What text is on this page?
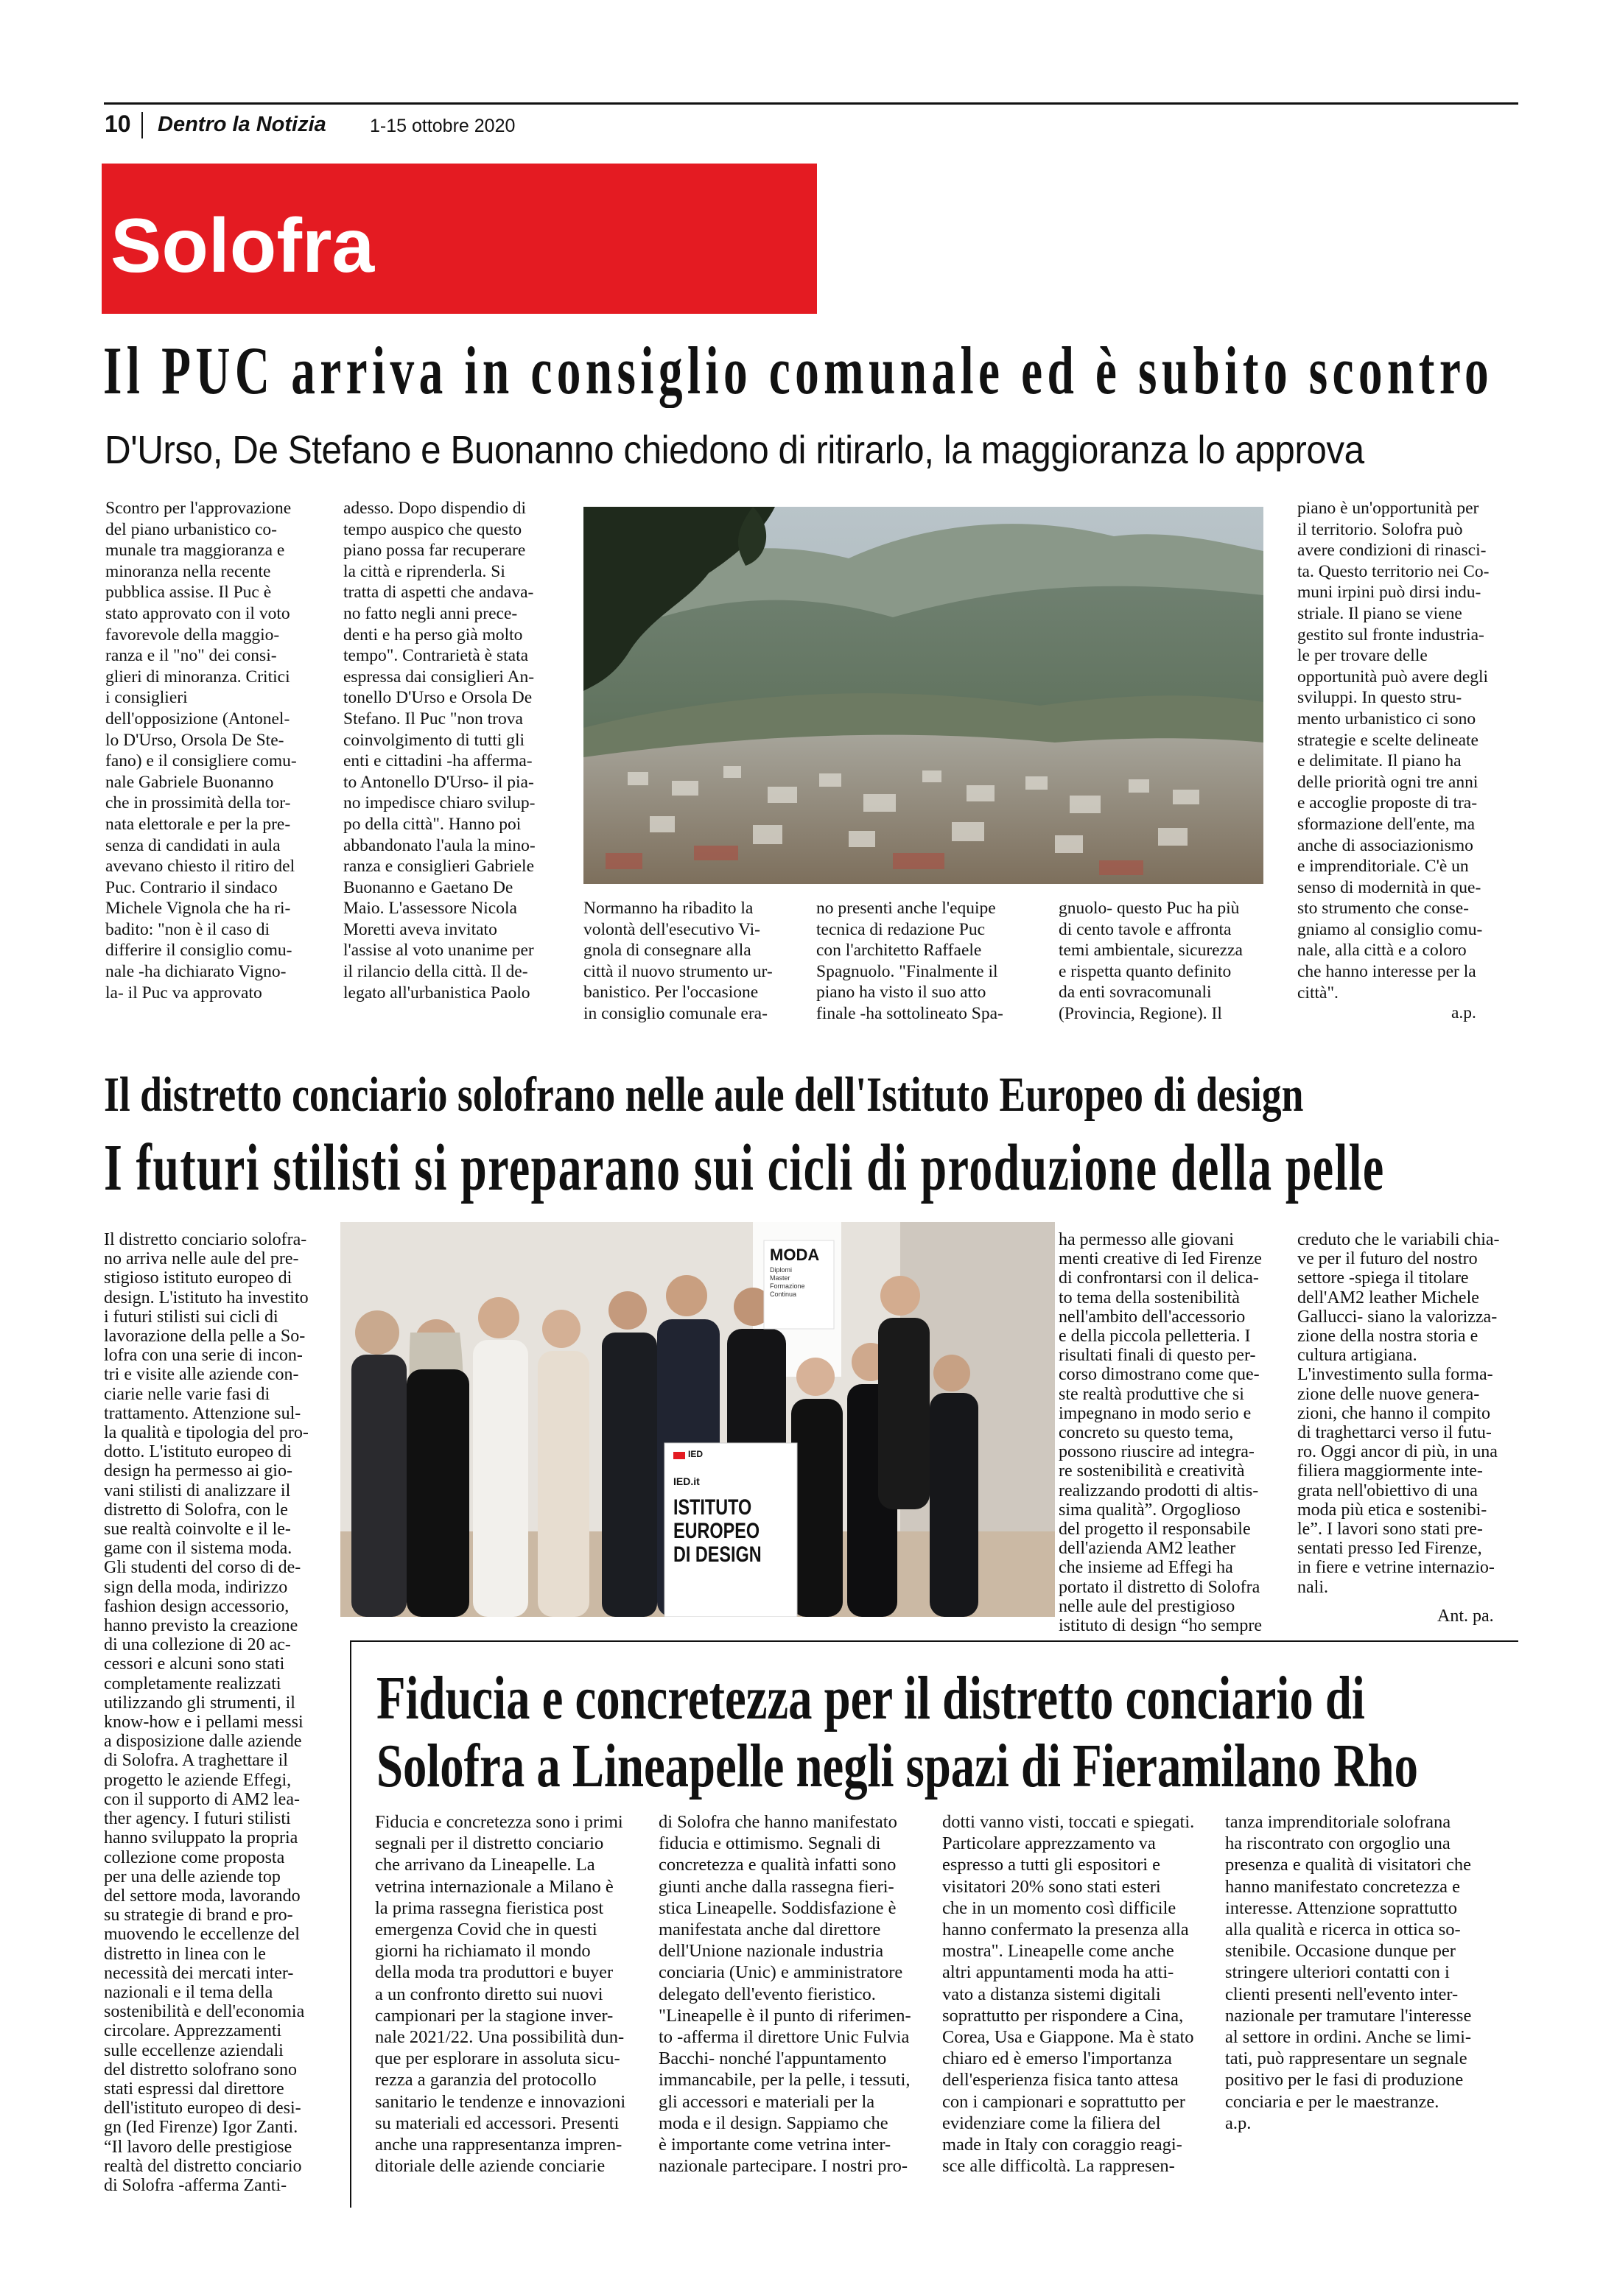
10 Dentro la Notizia 1-15 ottobre 2020
Solofra
Il PUC arriva in consiglio comunale ed è subito scontro
D'Urso, De Stefano e Buonanno chiedono di ritirarlo, la maggioranza lo approva

Scontro per l'approvazione
del piano urbanistico co-
munale tra maggioranza e
minoranza nella recente
pubblica assise. Il Puc è
stato approvato con il voto
favorevole della maggio-
ranza e il "no" dei consi-
glieri di minoranza. Critici
i consiglieri
dell'opposizione (Antonel-
lo D'Urso, Orsola De Ste-
fano) e il consigliere comu-
nale Gabriele Buonanno
che in prossimità della tor-
nata elettorale e per la pre-
senza di candidati in aula
avevano chiesto il ritiro del
Puc. Contrario il sindaco
Michele Vignola che ha ri-
badito: "non è il caso di
differire il consiglio comu-
nale -ha dichiarato Vigno-
la- il Puc va approvato

adesso. Dopo dispendio di
tempo auspico che questo
piano possa far recuperare
la città e riprenderla. Si
tratta di aspetti che andava-
no fatto negli anni prece-
denti e ha perso già molto
tempo". Contrarietà è stata
espressa dai consiglieri An-
tonello D'Urso e Orsola De
Stefano. Il Puc "non trova
coinvolgimento di tutti gli
enti e cittadini -ha afferma-
to Antonello D'Urso- il pia-
no impedisce chiaro svilup-
po della città". Hanno poi
abbandonato l'aula la mino-
ranza e consiglieri Gabriele
Buonanno e Gaetano De
Maio. L'assessore Nicola
Moretti aveva invitato
l'assise al voto unanime per
il rilancio della città. Il de-
legato all'urbanistica Paolo

Normanno ha ribadito la
volontà dell'esecutivo Vi-
gnola di consegnare alla
città il nuovo strumento ur-
banistico. Per l'occasione
in consiglio comunale era-

no presenti anche l'equipe
tecnica di redazione Puc
con l'architetto Raffaele
Spagnuolo. "Finalmente il
piano ha visto il suo atto
finale -ha sottolineato Spa-

gnuolo- questo Puc ha più
di cento tavole e affronta
temi ambientale, sicurezza
e rispetta quanto definito
da enti sovracomunali
(Provincia, Regione). Il

piano è un'opportunità per
il territorio. Solofra può
avere condizioni di rinasci-
ta. Questo territorio nei Co-
muni irpini può dirsi indu-
striale. Il piano se viene
gestito sul fronte industria-
le per trovare delle
opportunità può avere degli
sviluppi. In questo stru-
mento urbanistico ci sono
strategie e scelte delineate
e delimitate. Il piano ha
delle priorità ogni tre anni
e accoglie proposte di tra-
sformazione dell'ente, ma
anche di associazionismo
e imprenditoriale. C'è un
senso di modernità in que-
sto strumento che conse-
gniamo al consiglio comu-
nale, alla città e a coloro
che hanno interesse per la
città".

a.p.
Il distretto conciario solofrano nelle aule dell'Istituto Europeo di design
I futuri stilisti si preparano sui cicli di produzione della pelle

Il distretto conciario solofra-
no arriva nelle aule del pre-
stigioso istituto europeo di
design. L'istituto ha investito
i futuri stilisti sui cicli di
lavorazione della pelle a So-
lofra con una serie di incon-
tri e visite alle aziende con-
ciarie nelle varie fasi di
trattamento. Attenzione sul-
la qualità e tipologia del pro-
dotto. L'istituto europeo di
design ha permesso ai gio-
vani stilisti di analizzare il
distretto di Solofra, con le
sue realtà coinvolte e il le-
game con il sistema moda.
Gli studenti del corso di de-
sign della moda, indirizzo
fashion design accessorio,
hanno previsto la creazione
di una collezione di 20 ac-
cessori e alcuni sono stati
completamente realizzati
utilizzando gli strumenti, il
know-how e i pellami messi
a disposizione dalle aziende
di Solofra. A traghettare il
progetto le aziende Effegi,
con il supporto di AM2 lea-
ther agency. I futuri stilisti
hanno sviluppato la propria
collezione come proposta
per una delle aziende top
del settore moda, lavorando
su strategie di brand e pro-
muovendo le eccellenze del
distretto in linea con le
necessità dei mercati inter-
nazionali e il tema della
sostenibilità e dell'economia
circolare. Apprezzamenti
sulle eccellenze aziendali
del distretto solofrano sono
stati espressi dal direttore
dell'istituto europeo di desi-
gn (Ied Firenze) Igor Zanti.
“Il lavoro delle prestigiose
realtà del distretto conciario
di Solofra -afferma Zanti-

MODA
Diplomi
Master
Formazione
Continua
IED
IED.it
ISTITUTO
EUROPEO
DI DESIGN

ha permesso alle giovani
menti creative di Ied Firenze
di confrontarsi con il delica-
to tema della sostenibilità
nell'ambito dell'accessorio
e della piccola pelletteria. I
risultati finali di questo per-
corso dimostrano come que-
ste realtà produttive che si
impegnano in modo serio e
concreto su questo tema,
possono riuscire ad integra-
re sostenibilità e creatività
realizzando prodotti di altis-
sima qualità”. Orgoglioso
del progetto il responsabile
dell'azienda AM2 leather
che insieme ad Effegi ha
portato il distretto di Solofra
nelle aule del prestigioso
istituto di design “ho sempre

creduto che le variabili chia-
ve per il futuro del nostro
settore -spiega il titolare
dell'AM2 leather Michele
Gallucci- siano la valorizza-
zione della nostra storia e
cultura artigiana.
L'investimento sulla forma-
zione delle nuove genera-
zioni, che hanno il compito
di traghettarci verso il futu-
ro. Oggi ancor di più, in una
filiera maggiormente inte-
grata nell'obiettivo di una
moda più etica e sostenibi-
le”. I lavori sono stati pre-
sentati presso Ied Firenze,
in fiere e vetrine internazio-
nali.

Ant. pa.
Fiducia e concretezza per il distretto conciario di
Solofra a Lineapelle negli spazi di Fieramilano Rho

Fiducia e concretezza sono i primi
segnali per il distretto conciario
che arrivano da Lineapelle. La
vetrina internazionale a Milano è
la prima rassegna fieristica post
emergenza Covid che in questi
giorni ha richiamato il mondo
della moda tra produttori e buyer
a un confronto diretto sui nuovi
campionari per la stagione inver-
nale 2021/22. Una possibilità dun-
que per esplorare in assoluta sicu-
rezza a garanzia del protocollo
sanitario le tendenze e innovazioni
su materiali ed accessori. Presenti
anche una rappresentanza impren-
ditoriale delle aziende conciarie

di Solofra che hanno manifestato
fiducia e ottimismo. Segnali di
concretezza e qualità infatti sono
giunti anche dalla rassegna fieri-
stica Lineapelle. Soddisfazione è
manifestata anche dal direttore
dell'Unione nazionale industria
conciaria (Unic) e amministratore
delegato dell'evento fieristico.
"Lineapelle è il punto di riferimen-
to -afferma il direttore Unic Fulvia
Bacchi- nonché l'appuntamento
immancabile, per la pelle, i tessuti,
gli accessori e materiali per la
moda e il design. Sappiamo che
è importante come vetrina inter-
nazionale partecipare. I nostri pro-

dotti vanno visti, toccati e spiegati.
Particolare apprezzamento va
espresso a tutti gli espositori e
visitatori 20% sono stati esteri
che in un momento così difficile
hanno confermato la presenza alla
mostra". Lineapelle come anche
altri appuntamenti moda ha atti-
vato a distanza sistemi digitali
soprattutto per rispondere a Cina,
Corea, Usa e Giappone. Ma è stato
chiaro ed è emerso l'importanza
dell'esperienza fisica tanto attesa
con i campionari e soprattutto per
evidenziare come la filiera del
made in Italy con coraggio reagi-
sce alle difficoltà. La rappresen-

tanza imprenditoriale solofrana
ha riscontrato con orgoglio una
presenza e qualità di visitatori che
hanno manifestato concretezza e
interesse. Attenzione soprattutto
alla qualità e ricerca in ottica so-
stenibile. Occasione dunque per
stringere ulteriori contatti con i
clienti presenti nell'evento inter-
nazionale per tramutare l'interesse
al settore in ordini. Anche se limi-
tati, può rappresentare un segnale
positivo per le fasi di produzione
conciaria e per le maestranze.
a.p.
